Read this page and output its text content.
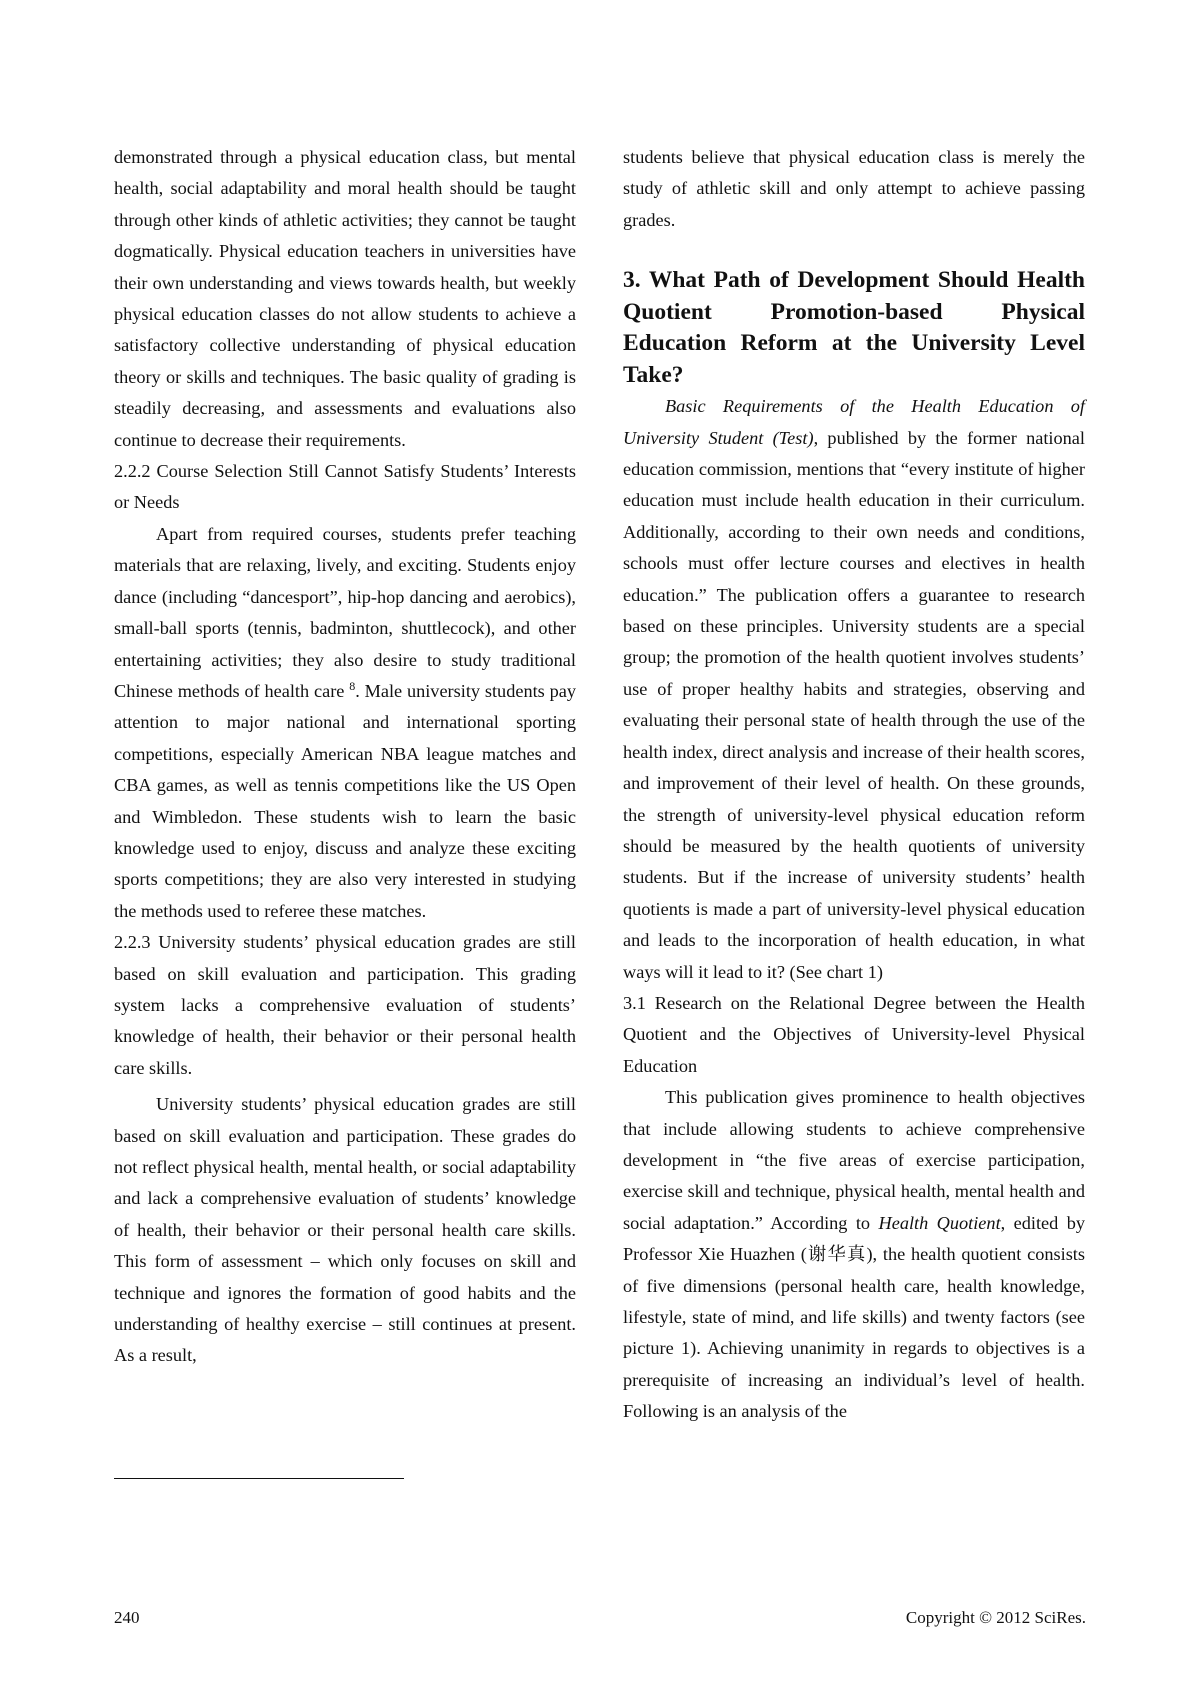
demonstrated through a physical education class, but mental health, social adaptability and moral health should be taught through other kinds of athletic activities; they cannot be taught dogmatically. Physical education teachers in universities have their own understanding and views towards health, but weekly physical education classes do not allow students to achieve a satisfactory collective understanding of physical education theory or skills and techniques. The basic quality of grading is steadily decreasing, and assessments and evaluations also continue to decrease their requirements.

2.2.2 Course Selection Still Cannot Satisfy Students’ Interests or Needs

Apart from required courses, students prefer teaching materials that are relaxing, lively, and exciting. Students enjoy dance (including “dancesport”, hip-hop dancing and aerobics), small-ball sports (tennis, badminton, shuttlecock), and other entertaining activities; they also desire to study traditional Chinese methods of health care $^8$. Male university students pay attention to major national and international sporting competitions, especially American NBA league matches and CBA games, as well as tennis competitions like the US Open and Wimbledon. These students wish to learn the basic knowledge used to enjoy, discuss and analyze these exciting sports competitions; they are also very interested in studying the methods used to referee these matches.

2.2.3 University students’ physical education grades are still based on skill evaluation and participation. This grading system lacks a comprehensive evaluation of students’ knowledge of health, their behavior or their personal health care skills.

University students’ physical education grades are still based on skill evaluation and participation. These grades do not reflect physical health, mental health, or social adaptability and lack a comprehensive evaluation of students’ knowledge of health, their behavior or their personal health care skills. This form of assessment – which only focuses on skill and technique and ignores the formation of good habits and the understanding of healthy exercise – still continues at present. As a result,

students believe that physical education class is merely the study of athletic skill and only attempt to achieve passing grades.

3. What Path of Development Should Health Quotient Promotion-based Physical Education Reform at the University Level Take?

Basic Requirements of the Health Education of University Student (Test), published by the former national education commission, mentions that “every institute of higher education must include health education in their curriculum. Additionally, according to their own needs and conditions, schools must offer lecture courses and electives in health education.” The publication offers a guarantee to research based on these principles. University students are a special group; the promotion of the health quotient involves students’ use of proper healthy habits and strategies, observing and evaluating their personal state of health through the use of the health index, direct analysis and increase of their health scores, and improvement of their level of health. On these grounds, the strength of university-level physical education reform should be measured by the health quotients of university students. But if the increase of university students’ health quotients is made a part of university-level physical education and leads to the incorporation of health education, in what ways will it lead to it? (See chart 1)

3.1 Research on the Relational Degree between the Health Quotient and the Objectives of University-level Physical Education

This publication gives prominence to health objectives that include allowing students to achieve comprehensive development in “the five areas of exercise participation, exercise skill and technique, physical health, mental health and social adaptation.” According to Health Quotient, edited by Professor Xie Huazhen (谢华真), the health quotient consists of five dimensions (personal health care, health knowledge, lifestyle, state of mind, and life skills) and twenty factors (see picture 1). Achieving unanimity in regards to objectives is a prerequisite of increasing an individual’s level of health. Following is an analysis of the

240	Copyright © 2012 SciRes.
